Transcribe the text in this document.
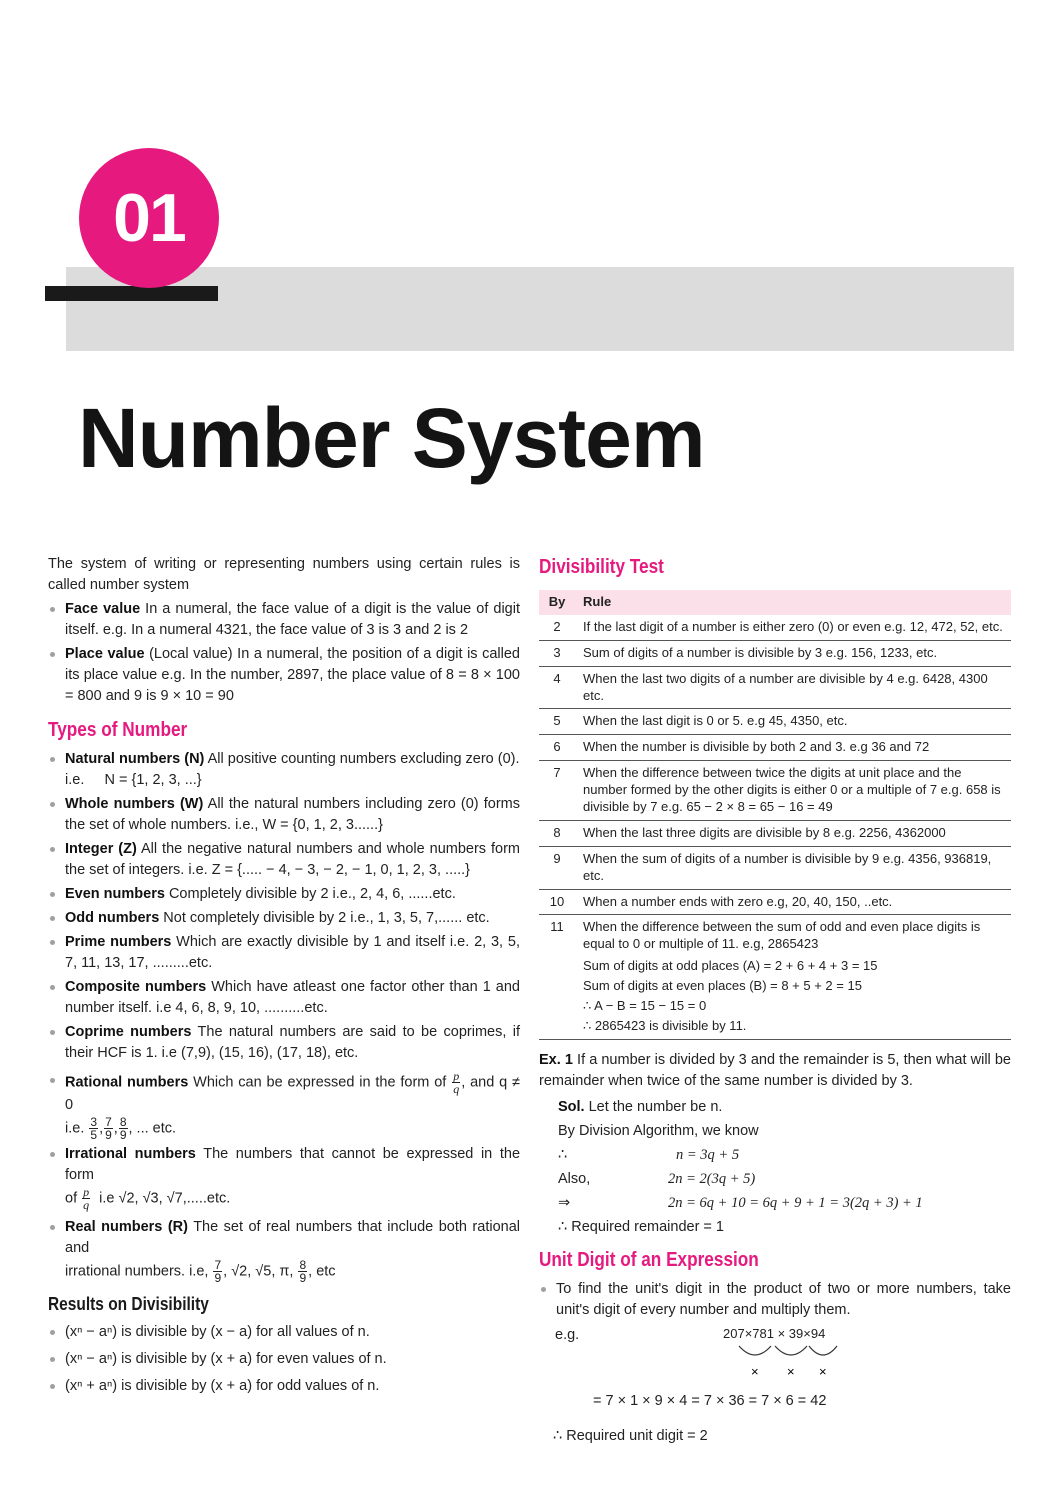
01
Number System

The system of writing or representing numbers using certain rules is called number system

Face value In a numeral, the face value of a digit is the value of digit itself. e.g. In a numeral 4321, the face value of 3 is 3 and 2 is 2
Place value (Local value) In a numeral, the position of a digit is called its place value e.g. In the number, 2897, the place value of 8 = 8 × 100 = 800 and 9 is 9 × 10 = 90
Types of Number
Natural numbers (N) All positive counting numbers excluding zero (0).
i.e.     N = {1, 2, 3, ...}
Whole numbers (W) All the natural numbers including zero (0) forms the set of whole numbers. i.e., W = {0, 1, 2, 3......}
Integer (Z) All the negative natural numbers and whole numbers form the set of integers. i.e. Z = {..... − 4, − 3, − 2, − 1, 0, 1, 2, 3, .....}
Even numbers Completely divisible by 2 i.e., 2, 4, 6, ......etc.
Odd numbers Not completely divisible by 2 i.e., 1, 3, 5, 7,...... etc.
Prime numbers Which are exactly divisible by 1 and itself i.e. 2, 3, 5, 7, 11, 13, 17, .........etc.
Composite numbers Which have atleast one factor other than 1 and number itself. i.e 4, 6, 8, 9, 10, ..........etc.
Coprime numbers The natural numbers are said to be coprimes, if their HCF is 1. i.e (7,9), (15, 16), (17, 18), etc.
Rational numbers Which can be expressed in the form of $\frac{p}{q}$ , and q ≠ 0
i.e. $\frac{3}{5}$ , $\frac{7}{9}$ , $\frac{8}{9}$ , ... etc.
Irrational numbers The numbers that cannot be expressed in the form
of $\frac{p}{q} i.e$ √2, √3, √7,.....etc.
Real numbers (R) The set of real numbers that include both rational and
irrational numbers. i.e, $\frac{7}{9}$ , √2, √5, π, $\frac{8}{9}$ , etc
Results on Divisibility
(xⁿ − aⁿ) is divisible by (x − a) for all values of n.
(xⁿ − aⁿ) is divisible by (x + a) for even values of n.
(xⁿ + aⁿ) is divisible by (x + a) for odd values of n.
Divisibility Test
By	Rule
2	If the last digit of a number is either zero (0) or even e.g. 12, 472, 52, etc.
3	Sum of digits of a number is divisible by 3 e.g. 156, 1233, etc.
4	When the last two digits of a number are divisible by 4 e.g. 6428, 4300 etc.
5	When the last digit is 0 or 5. e.g 45, 4350, etc.
6	When the number is divisible by both 2 and 3. e.g 36 and 72
7	When the difference between twice the digits at unit place and the number formed by the other digits is either 0 or a multiple of 7 e.g. 658 is divisible by 7 e.g. 65 − 2 × 8 = 65 − 16 = 49
8	When the last three digits are divisible by 8 e.g. 2256, 4362000
9	When the sum of digits of a number is divisible by 9 e.g. 4356, 936819, etc.
10	When a number ends with zero e.g, 20, 40, 150, ..etc.
11	When the difference between the sum of odd and even place digits is equal to 0 or multiple of 11. e.g, 2865423
Sum of digits at odd places (A) = 2 + 6 + 4 + 3 = 15
Sum of digits at even places (B) = 8 + 5 + 2 = 15
∴ A − B = 15 − 15 = 0
∴ 2865423 is divisible by 11.

Ex. 1 If a number is divided by 3 and the remainder is 5, then what will be remainder when twice of the same number is divided by 3.

Sol. Let the number be n.

By Division Algorithm, we know

∴	n = 3q + 5
Also,	2n = 2(3q + 5)
⇒	2n = 6q + 10 = 6q + 9 + 1 = 3(2q + 3) + 1

∴ Required remainder = 1

Unit Digit of an Expression
To find the unit's digit in the product of two or more numbers, take unit's digit of every number and multiply them.
e.g.	207×781 × 39×94
× × ×

= 7 × 1 × 9 × 4 = 7 × 36 = 7 × 6 = 42

∴ Required unit digit = 2
